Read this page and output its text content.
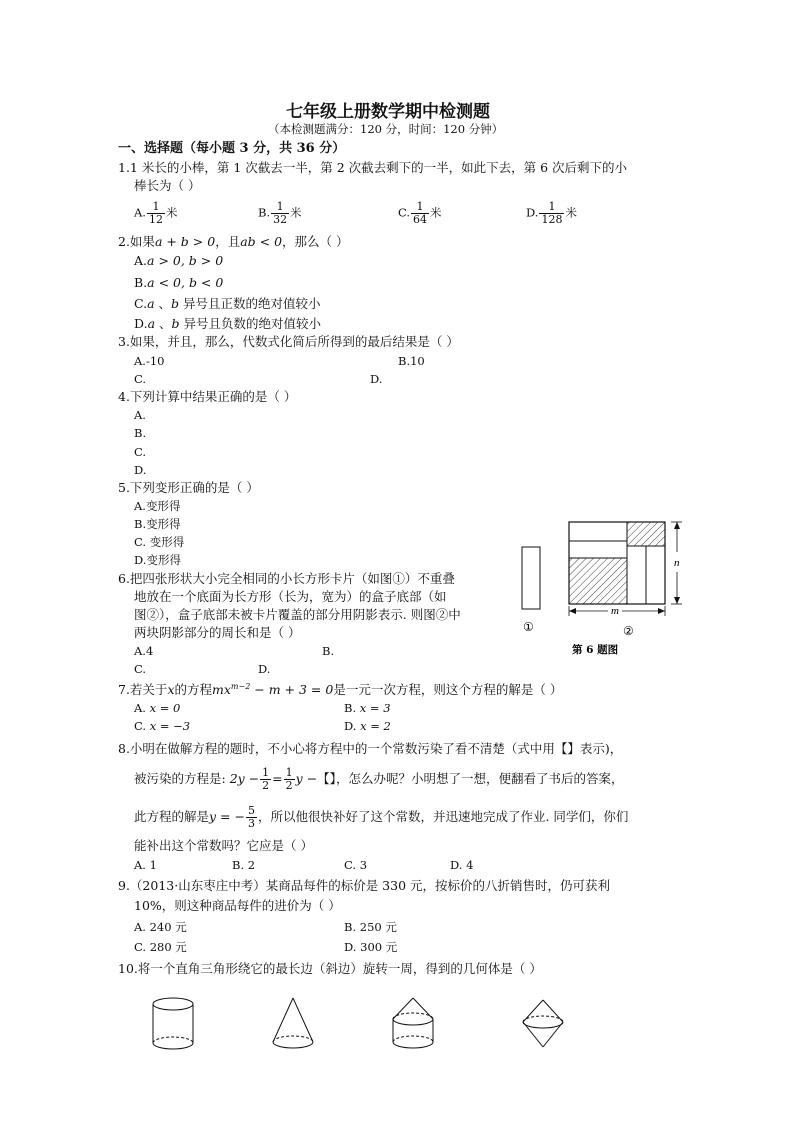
七年级上册数学期中检测题
（本检测题满分：120 分，时间：120 分钟）
一、选择题（每小题 3 分，共 36 分）
1.1 米长的小棒，第 1 次截去一半，第 2 次截去剩下的一半，如此下去，第 6 次后剩下的小
棒长为（ ）
A. $\frac{1}{12}$ 米	B. $\frac{1}{32}$ 米	C. $\frac{1}{64}$ 米	D. $\frac{1}{128}$ 米
2.如果a + b > 0，且ab < 0，那么（ ）
A.a > 0, b > 0
B.a < 0, b < 0
C.a 、b 异号且正数的绝对值较小
D.a 、b 异号且负数的绝对值较小
3.如果，并且，那么，代数式化简后所得到的最后结果是（ ）
A.-10	B.10
C.	D.
4.下列计算中结果正确的是（ ）
A.
B.
C.
D.
5.下列变形正确的是（ ）
A.变形得
B.变形得
C. 变形得
D.变形得
6.把四张形状大小完全相同的小长方形卡片（如图①）不重叠
地放在一个底面为长方形（长为，宽为）的盒子底部（如
图②），盒子底部未被卡片覆盖的部分用阴影表示. 则图②中
两块阴影部分的周长和是（ ）
A.4	B.
C.	D.
n
m
①	②
第 6 题图
7.若关于x的方程$mx^{m-2} - m + 3 = 0$是一元一次方程，则这个方程的解是（ ）
A. x = 0	B. x = 3
C. x = −3	D. x = 2
8.小明在做解方程的题时，不小心将方程中的一个常数污染了看不清楚（式中用【】表示)，
被污染的方程是: $2y - \frac{1}{2} = \frac{1}{2}$ y −【】，怎么办呢？小明想了一想，便翻看了书后的答案，
此方程的解是y = − $\frac{5}{3}$ ，所以他很快补好了这个常数，并迅速地完成了作业. 同学们，你们
能补出这个常数吗？它应是（ ）
A. 1	B. 2	C. 3	D. 4
9.（2013·山东枣庄中考）某商品每件的标价是 330 元，按标价的八折销售时，仍可获利
10%，则这种商品每件的进价为（ ）
A. 240 元	B. 250 元
C. 280 元	D. 300 元
10.将一个直角三角形绕它的最长边（斜边）旋转一周，得到的几何体是（ ）
